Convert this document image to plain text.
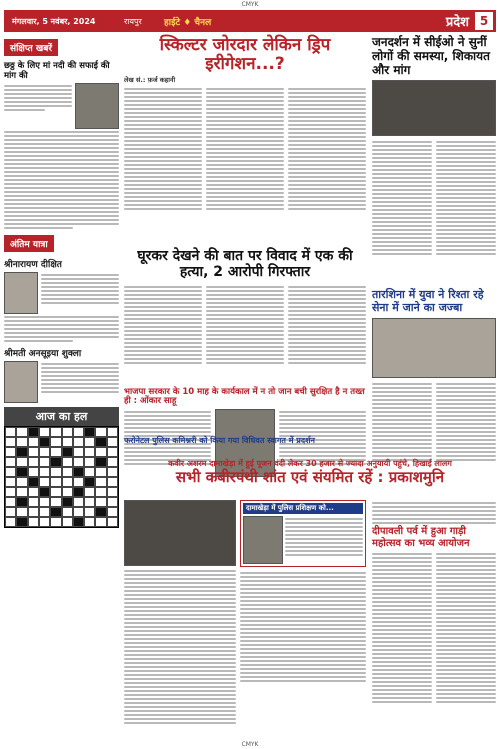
CMYK
मंगलवार, 5 नवंबर, 2024	रायपुर	हाईटे ♦ चैनल	प्रदेश 5
संक्षिप्त खबरें
छठ्ठ के लिए मां नदी की सफाई की मांग की
अंतिम यात्रा
श्रीनारायण दीक्षित
श्रीमती अनसूइया शुक्ला
आज का हल
स्किल्टर जोरदार लेकिन ड्रिप इरीगेशन...?
लेख सं.: फ़र्ज कहानी
घूरकर देखने की बात पर विवाद में एक की हत्या, 2 आरोपी गिरफ्तार
भाजपा सरकार के 10 माह के कार्यकाल में न तो जान बची सुरक्षित है न तख्त ही : ओंकार साहू
जनदर्शन में सीईओ ने सुनीं लोगों की समस्या, शिकायत और मांग
तारशिना में युवा ने रिश्ता रहे सेना में जाने का जज्बा
फरोनेटल पुलिस कमिश्नरी को किया गया विधिवत स्वागत में प्रदर्शन
कवीर अशरम दामाखेड़ा में हुई पूजन वंदी लेकर 30 हजार से ज्यादा अनुयायी पहुंचे, हिखाई लालग
सभी कबीरपंथी शांत एवं संयमित रहें : प्रकाशमुनि
दामाखेड़ा में पुलिस प्रशिक्षण को...
दीपावली पर्व में हुआ गाड़ी महोत्सव का भव्य आयोजन
CMYK
